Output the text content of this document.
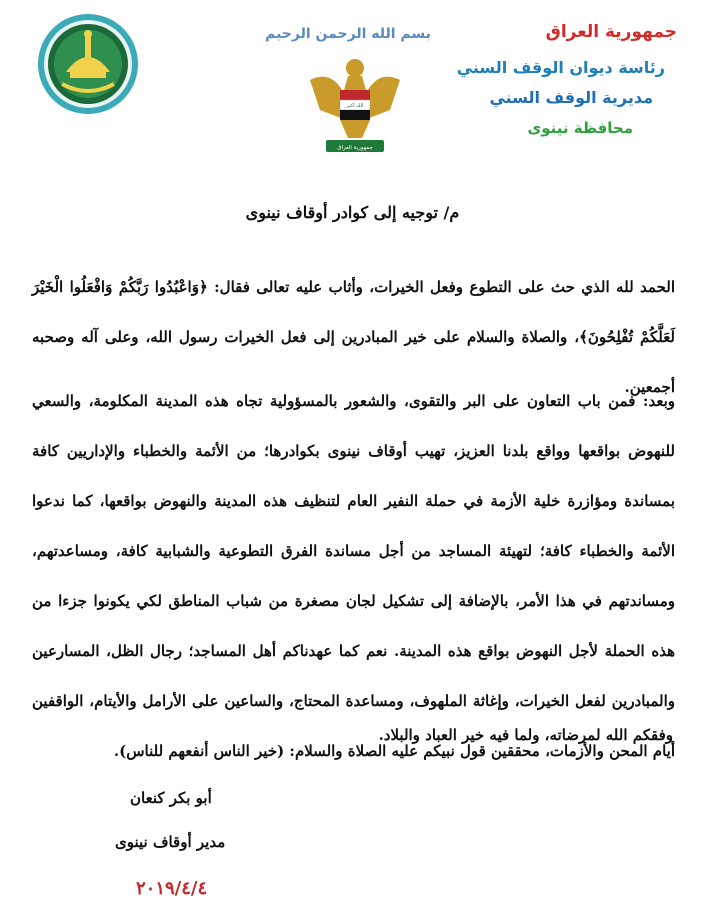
الله أكبر
جمهورية العراق
بسم الله الرحمن الرحيم	جمهورية العراق
رئاسة ديوان الوقف السني
مديرية الوقف السني
محافظة نينوى
م/ توجيه إلى كوادر أوقاف نينوى
الحمد لله الذي حث على التطوع وفعل الخيرات، وأثاب عليه تعالى فقال: ﴿وَاعْبُدُوا رَبَّكُمْ وَافْعَلُوا الْخَيْرَ لَعَلَّكُمْ تُفْلِحُونَ﴾، والصلاة والسلام على خير المبادرين إلى فعل الخيرات رسول الله، وعلى آله وصحبه أجمعين.
وبعد: فمن باب التعاون على البر والتقوى، والشعور بالمسؤولية تجاه هذه المدينة المكلومة، والسعي للنهوض بواقعها وواقع بلدنا العزيز، تهيب أوقاف نينوى بكوادرها؛ من الأئمة والخطباء والإداريين كافة بمساندة ومؤازرة خلية الأزمة في حملة النفير العام لتنظيف هذه المدينة والنهوض بواقعها، كما ندعوا الأئمة والخطباء كافة؛ لتهيئة المساجد من أجل مساندة الفرق التطوعية والشبابية كافة، ومساعدتهم، ومساندتهم في هذا الأمر، بالإضافة إلى تشكيل لجان مصغرة من شباب المناطق لكي يكونوا جزءا من هذه الحملة لأجل النهوض بواقع هذه المدينة. نعم كما عهدناكم أهل المساجد؛ رجال الظل، المسارعين والمبادرين لفعل الخيرات، وإغاثة الملهوف، ومساعدة المحتاج، والساعين على الأرامل والأيتام، الواقفين أيام المحن والأزمات، محققين قول نبيكم عليه الصلاة والسلام: (خير الناس أنفعهم للناس).
وفقكم الله لمرضاته، ولما فيه خير العباد والبلاد.
أبو بكر كنعان
مدير أوقاف نينوى
٢٠١٩/٤/٤
